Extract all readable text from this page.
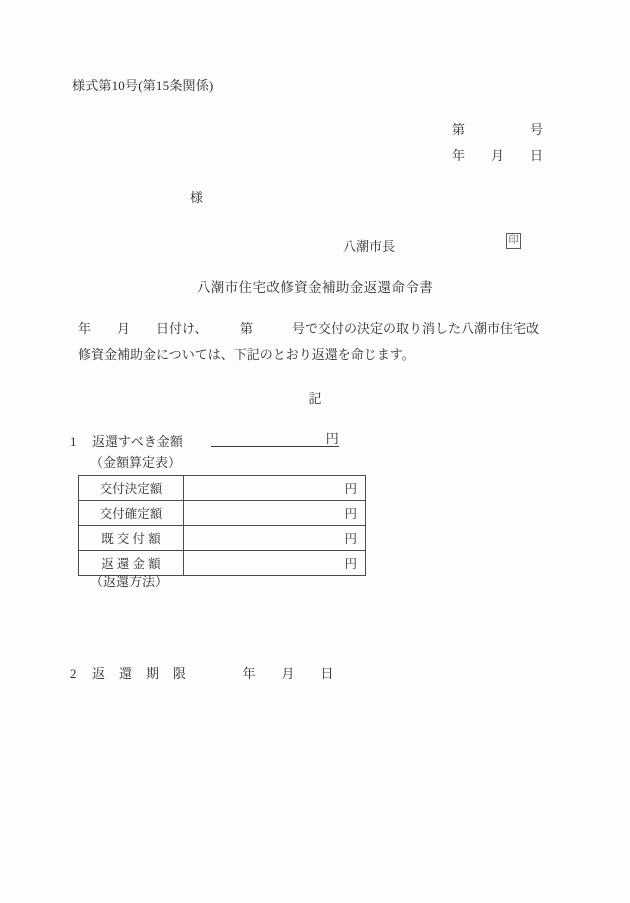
様式第10号(第15条関係)
第　　　　　号
年　　月　　日
様
八潮市長	印
八潮市住宅改修資金補助金返還命令書
年　　月　　日付け、　　　第　　　号で交付の決定の取り消した八潮市住宅改
修資金補助金については、下記のとおり返還を命じます。
記
1	返還すべき金額	円
（金額算定表）
交付決定額	円
交付確定額	円
既 交 付 額	円
返 還 金 額	円
（返還方法）
2	返　還　期　限	年　　月　　日
